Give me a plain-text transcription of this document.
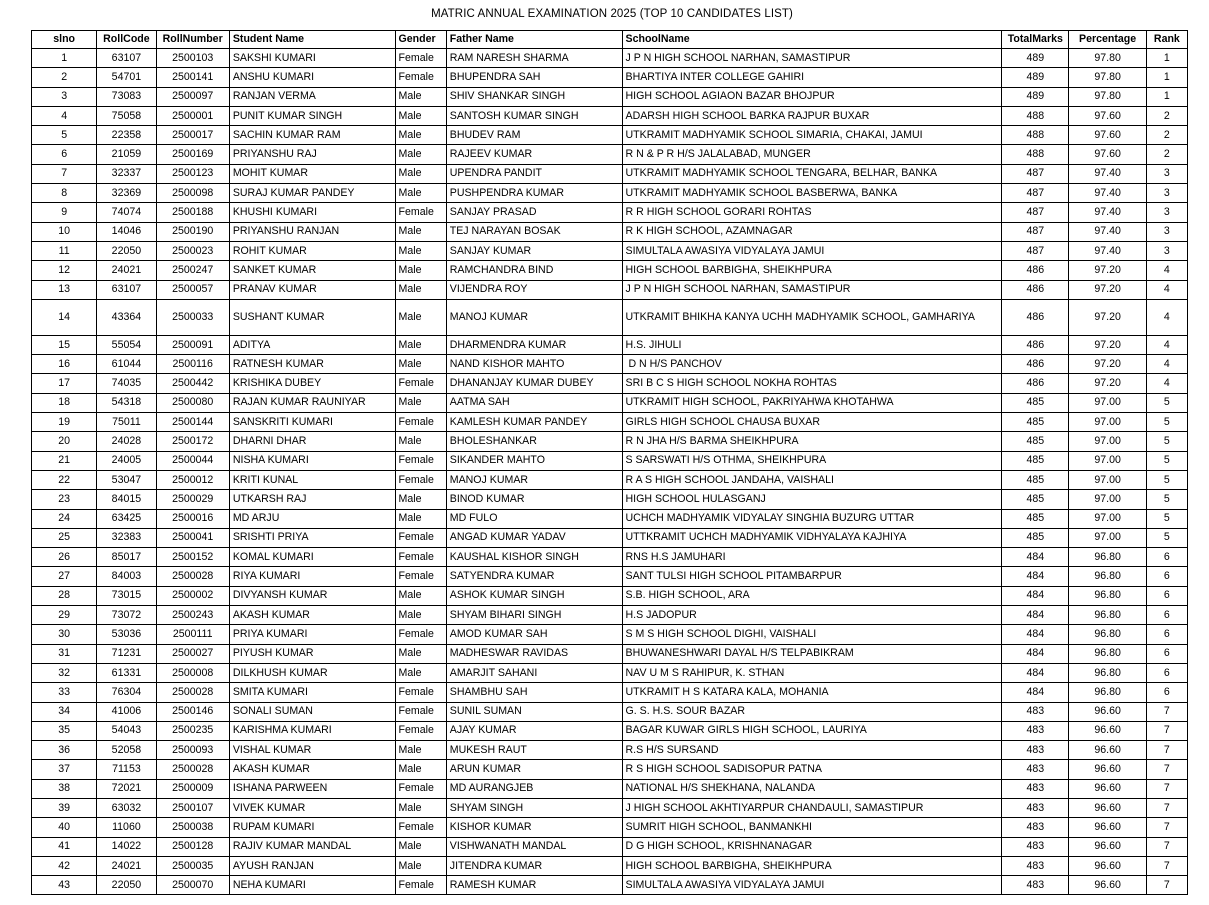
MATRIC ANNUAL EXAMINATION 2025 (TOP 10 CANDIDATES LIST)
slno	RollCode	RollNumber	Student Name	Gender	Father Name	SchoolName	TotalMarks	Percentage	Rank
1	63107	2500103	SAKSHI KUMARI	Female	RAM NARESH SHARMA	J P N HIGH SCHOOL NARHAN, SAMASTIPUR	489	97.80	1
2	54701	2500141	ANSHU KUMARI	Female	BHUPENDRA SAH	BHARTIYA INTER COLLEGE GAHIRI	489	97.80	1
3	73083	2500097	RANJAN VERMA	Male	SHIV SHANKAR SINGH	HIGH SCHOOL AGIAON BAZAR BHOJPUR	489	97.80	1
4	75058	2500001	PUNIT KUMAR SINGH	Male	SANTOSH KUMAR SINGH	ADARSH HIGH SCHOOL BARKA RAJPUR BUXAR	488	97.60	2
5	22358	2500017	SACHIN KUMAR RAM	Male	BHUDEV RAM	UTKRAMIT MADHYAMIK SCHOOL SIMARIA, CHAKAI, JAMUI	488	97.60	2
6	21059	2500169	PRIYANSHU RAJ	Male	RAJEEV KUMAR	R N & P R H/S JALALABAD, MUNGER	488	97.60	2
7	32337	2500123	MOHIT KUMAR	Male	UPENDRA PANDIT	UTKRAMIT MADHYAMIK SCHOOL TENGARA, BELHAR, BANKA	487	97.40	3
8	32369	2500098	SURAJ KUMAR PANDEY	Male	PUSHPENDRA KUMAR	UTKRAMIT MADHYAMIK SCHOOL BASBERWA, BANKA	487	97.40	3
9	74074	2500188	KHUSHI KUMARI	Female	SANJAY PRASAD	R R HIGH SCHOOL GORARI ROHTAS	487	97.40	3
10	14046	2500190	PRIYANSHU RANJAN	Male	TEJ NARAYAN BOSAK	R K HIGH SCHOOL, AZAMNAGAR	487	97.40	3
11	22050	2500023	ROHIT KUMAR	Male	SANJAY KUMAR	SIMULTALA AWASIYA VIDYALAYA JAMUI	487	97.40	3
12	24021	2500247	SANKET KUMAR	Male	RAMCHANDRA BIND	HIGH SCHOOL BARBIGHA, SHEIKHPURA	486	97.20	4
13	63107	2500057	PRANAV KUMAR	Male	VIJENDRA ROY	J P N HIGH SCHOOL NARHAN, SAMASTIPUR	486	97.20	4
14	43364	2500033	SUSHANT KUMAR	Male	MANOJ KUMAR	UTKRAMIT BHIKHA KANYA UCHH MADHYAMIK SCHOOL, GAMHARIYA	486	97.20	4
15	55054	2500091	ADITYA	Male	DHARMENDRA KUMAR	H.S. JIHULI	486	97.20	4
16	61044	2500116	RATNESH KUMAR	Male	NAND KISHOR MAHTO	D N H/S PANCHOV	486	97.20	4
17	74035	2500442	KRISHIKA DUBEY	Female	DHANANJAY KUMAR DUBEY	SRI B C S HIGH SCHOOL NOKHA ROHTAS	486	97.20	4
18	54318	2500080	RAJAN KUMAR RAUNIYAR	Male	AATMA SAH	UTKRAMIT HIGH SCHOOL, PAKRIYAHWA KHOTAHWA	485	97.00	5
19	75011	2500144	SANSKRITI KUMARI	Female	KAMLESH KUMAR PANDEY	GIRLS HIGH SCHOOL CHAUSA BUXAR	485	97.00	5
20	24028	2500172	DHARNI DHAR	Male	BHOLESHANKAR	R N JHA H/S BARMA SHEIKHPURA	485	97.00	5
21	24005	2500044	NISHA KUMARI	Female	SIKANDER MAHTO	S SARSWATI H/S OTHMA, SHEIKHPURA	485	97.00	5
22	53047	2500012	KRITI KUNAL	Female	MANOJ KUMAR	R A S HIGH SCHOOL JANDAHA, VAISHALI	485	97.00	5
23	84015	2500029	UTKARSH RAJ	Male	BINOD KUMAR	HIGH SCHOOL HULASGANJ	485	97.00	5
24	63425	2500016	MD ARJU	Male	MD FULO	UCHCH MADHYAMIK VIDYALAY SINGHIA BUZURG UTTAR	485	97.00	5
25	32383	2500041	SRISHTI PRIYA	Female	ANGAD KUMAR YADAV	UTTKRAMIT UCHCH MADHYAMIK VIDHYALAYA KAJHIYA	485	97.00	5
26	85017	2500152	KOMAL KUMARI	Female	KAUSHAL KISHOR SINGH	RNS H.S JAMUHARI	484	96.80	6
27	84003	2500028	RIYA KUMARI	Female	SATYENDRA KUMAR	SANT TULSI HIGH SCHOOL PITAMBARPUR	484	96.80	6
28	73015	2500002	DIVYANSH KUMAR	Male	ASHOK KUMAR SINGH	S.B. HIGH SCHOOL, ARA	484	96.80	6
29	73072	2500243	AKASH KUMAR	Male	SHYAM BIHARI SINGH	H.S JADOPUR	484	96.80	6
30	53036	2500111	PRIYA KUMARI	Female	AMOD KUMAR SAH	S M S HIGH SCHOOL DIGHI, VAISHALI	484	96.80	6
31	71231	2500027	PIYUSH KUMAR	Male	MADHESWAR RAVIDAS	BHUWANESHWARI DAYAL H/S TELPABIKRAM	484	96.80	6
32	61331	2500008	DILKHUSH KUMAR	Male	AMARJIT SAHANI	NAV U M S RAHIPUR, K. STHAN	484	96.80	6
33	76304	2500028	SMITA KUMARI	Female	SHAMBHU SAH	UTKRAMIT H S KATARA KALA, MOHANIA	484	96.80	6
34	41006	2500146	SONALI SUMAN	Female	SUNIL SUMAN	G. S. H.S. SOUR BAZAR	483	96.60	7
35	54043	2500235	KARISHMA KUMARI	Female	AJAY KUMAR	BAGAR KUWAR GIRLS HIGH SCHOOL, LAURIYA	483	96.60	7
36	52058	2500093	VISHAL KUMAR	Male	MUKESH RAUT	R.S H/S SURSAND	483	96.60	7
37	71153	2500028	AKASH KUMAR	Male	ARUN KUMAR	R S HIGH SCHOOL SADISOPUR PATNA	483	96.60	7
38	72021	2500009	ISHANA PARWEEN	Female	MD AURANGJEB	NATIONAL H/S SHEKHANA, NALANDA	483	96.60	7
39	63032	2500107	VIVEK KUMAR	Male	SHYAM SINGH	J HIGH SCHOOL AKHTIYARPUR CHANDAULI, SAMASTIPUR	483	96.60	7
40	11060	2500038	RUPAM KUMARI	Female	KISHOR KUMAR	SUMRIT HIGH SCHOOL, BANMANKHI	483	96.60	7
41	14022	2500128	RAJIV KUMAR MANDAL	Male	VISHWANATH MANDAL	D G HIGH SCHOOL, KRISHNANAGAR	483	96.60	7
42	24021	2500035	AYUSH RANJAN	Male	JITENDRA KUMAR	HIGH SCHOOL BARBIGHA, SHEIKHPURA	483	96.60	7
43	22050	2500070	NEHA KUMARI	Female	RAMESH KUMAR	SIMULTALA AWASIYA VIDYALAYA JAMUI	483	96.60	7
